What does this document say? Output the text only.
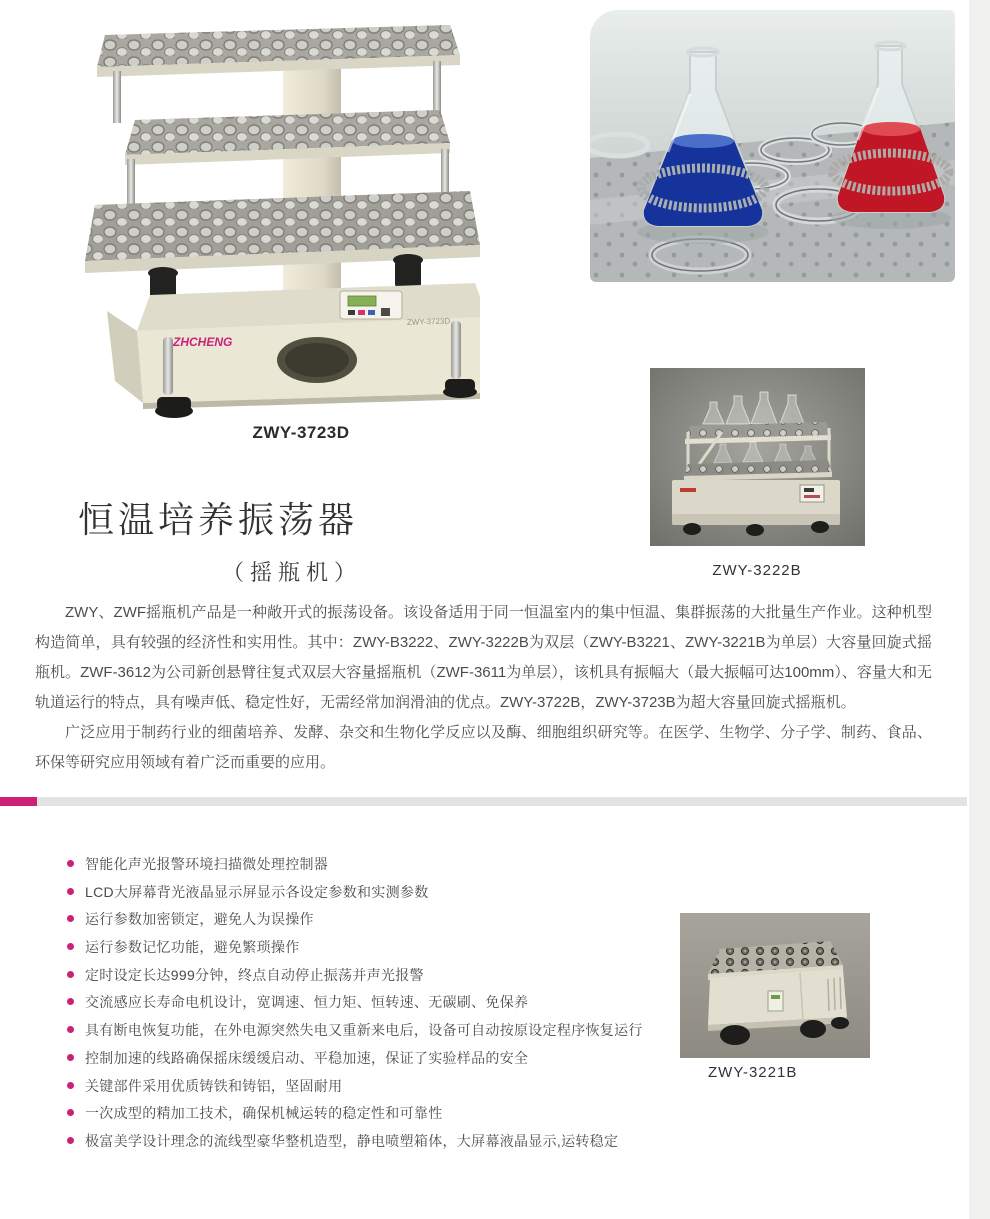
ZHCHENG
ZWY-3723D
ZWY-3723D
ZWY-3222B
恒温培养振荡器
（摇瓶机）

ZWY、ZWF摇瓶机产品是一种敞开式的振荡设备。该设备适用于同一恒温室内的集中恒温、集群振荡的大批量生产作业。这种机型构造简单，具有较强的经济性和实用性。其中：ZWY-B3222、ZWY-3222B为双层（ZWY-B3221、ZWY-3221B为单层）大容量回旋式摇瓶机。ZWF-3612为公司新创悬臂往复式双层大容量摇瓶机（ZWF-3611为单层），该机具有振幅大（最大振幅可达100mm）、容量大和无轨道运行的特点，具有噪声低、稳定性好，无需经常加润滑油的优点。ZWY-3722B，ZWY-3723B为超大容量回旋式摇瓶机。

广泛应用于制药行业的细菌培养、发酵、杂交和生物化学反应以及酶、细胞组织研究等。在医学、生物学、分子学、制药、食品、环保等研究应用领域有着广泛而重要的应用。

智能化声光报警环境扫描微处理控制器
LCD大屏幕背光液晶显示屏显示各设定参数和实测参数
运行参数加密锁定，避免人为误操作
运行参数记忆功能，避免繁琐操作
定时设定长达999分钟，终点自动停止振荡并声光报警
交流感应长寿命电机设计，宽调速、恒力矩、恒转速、无碳刷、免保养
具有断电恢复功能，在外电源突然失电又重新来电后，设备可自动按原设定程序恢复运行
控制加速的线路确保摇床缓缓启动、平稳加速，保证了实验样品的安全
关键部件采用优质铸铁和铸铝，坚固耐用
一次成型的精加工技术，确保机械运转的稳定性和可靠性
极富美学设计理念的流线型豪华整机造型，静电喷塑箱体，大屏幕液晶显示,运转稳定
ZWY-3221B
